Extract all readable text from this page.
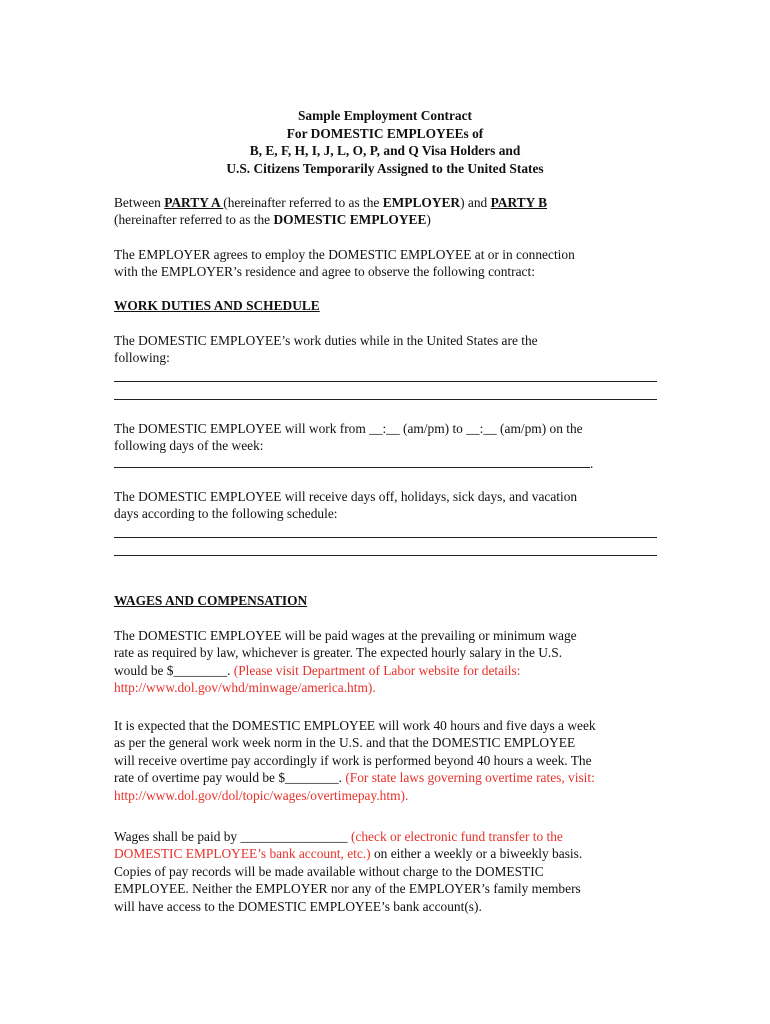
Sample Employment Contract
For DOMESTIC EMPLOYEEs of
B, E, F, H, I, J, L, O, P, and Q Visa Holders and
U.S. Citizens Temporarily Assigned to the United States
Between PARTY A (hereinafter referred to as the EMPLOYER) and PARTY B
(hereinafter referred to as the DOMESTIC EMPLOYEE)
The EMPLOYER agrees to employ the DOMESTIC EMPLOYEE at or in connection
with the EMPLOYER’s residence and agree to observe the following contract:
WORK DUTIES AND SCHEDULE
The DOMESTIC EMPLOYEE’s work duties while in the United States are the
following:
The DOMESTIC EMPLOYEE will work from __:__ (am/pm) to __:__ (am/pm) on the
following days of the week:
.
The DOMESTIC EMPLOYEE will receive days off, holidays, sick days, and vacation
days according to the following schedule:
WAGES AND COMPENSATION
The DOMESTIC EMPLOYEE will be paid wages at the prevailing or minimum wage
rate as required by law, whichever is greater. The expected hourly salary in the U.S.
would be $________. (Please visit Department of Labor website for details:
http://www.dol.gov/whd/minwage/america.htm).
It is expected that the DOMESTIC EMPLOYEE will work 40 hours and five days a week
as per the general work week norm in the U.S. and that the DOMESTIC EMPLOYEE
will receive overtime pay accordingly if work is performed beyond 40 hours a week. The
rate of overtime pay would be $________. (For state laws governing overtime rates, visit:
http://www.dol.gov/dol/topic/wages/overtimepay.htm).
Wages shall be paid by ________________ (check or electronic fund transfer to the
DOMESTIC EMPLOYEE’s bank account, etc.) on either a weekly or a biweekly basis.
Copies of pay records will be made available without charge to the DOMESTIC
EMPLOYEE. Neither the EMPLOYER nor any of the EMPLOYER’s family members
will have access to the DOMESTIC EMPLOYEE’s bank account(s).
